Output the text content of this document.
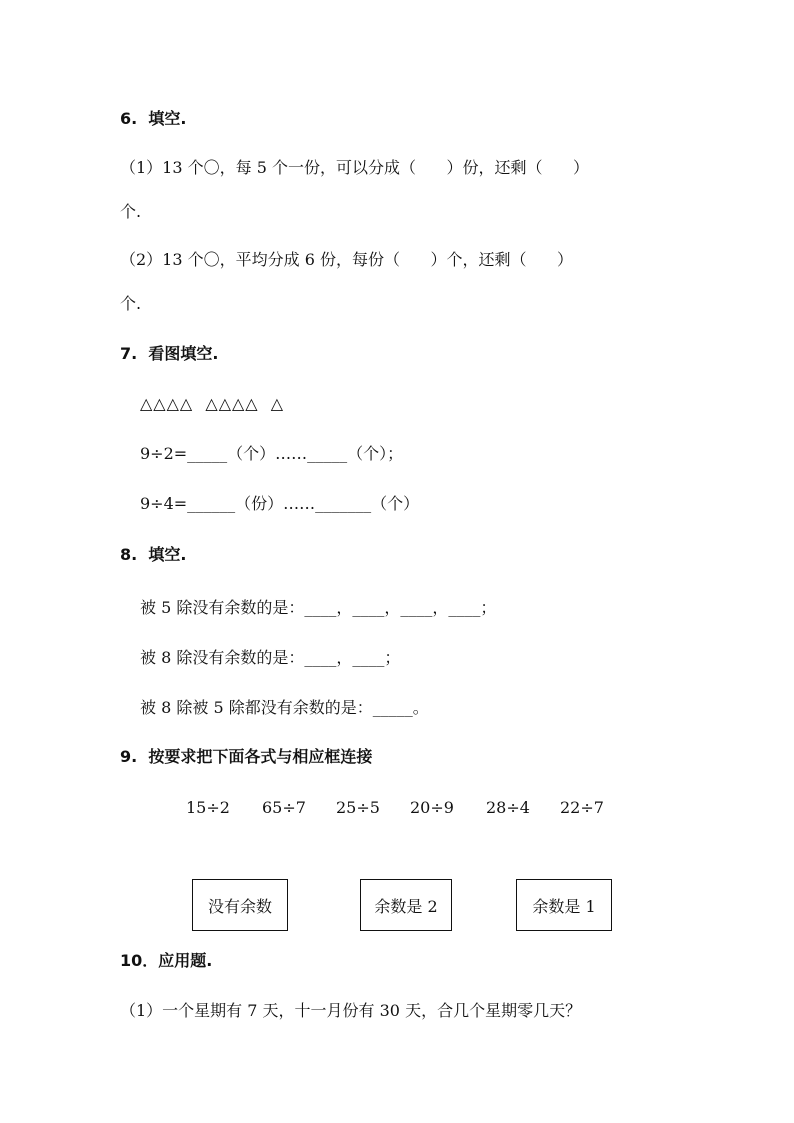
6.  填空.
（1）13 个〇，每 5 个一份，可以分成（      ）份，还剩（      ）
个.
（2）13 个〇，平均分成 6 份，每份（      ）个，还剩（      ）
个.
7.  看图填空.
△△△△  △△△△  △
9÷2=_____（个）……_____（个）；
9÷4=______（份）……_______（个）
8.  填空.
被 5 除没有余数的是：____，____，____，____；
被 8 除没有余数的是：____，____；
被 8 除被 5 除都没有余数的是：_____。
9.  按要求把下面各式与相应框连接
15÷2 65÷7 25÷5 20÷9 28÷4 22÷7
没有余数	余数是 2	余数是 1
10．应用题.
（1）一个星期有 7 天，十一月份有 30 天，合几个星期零几天？
